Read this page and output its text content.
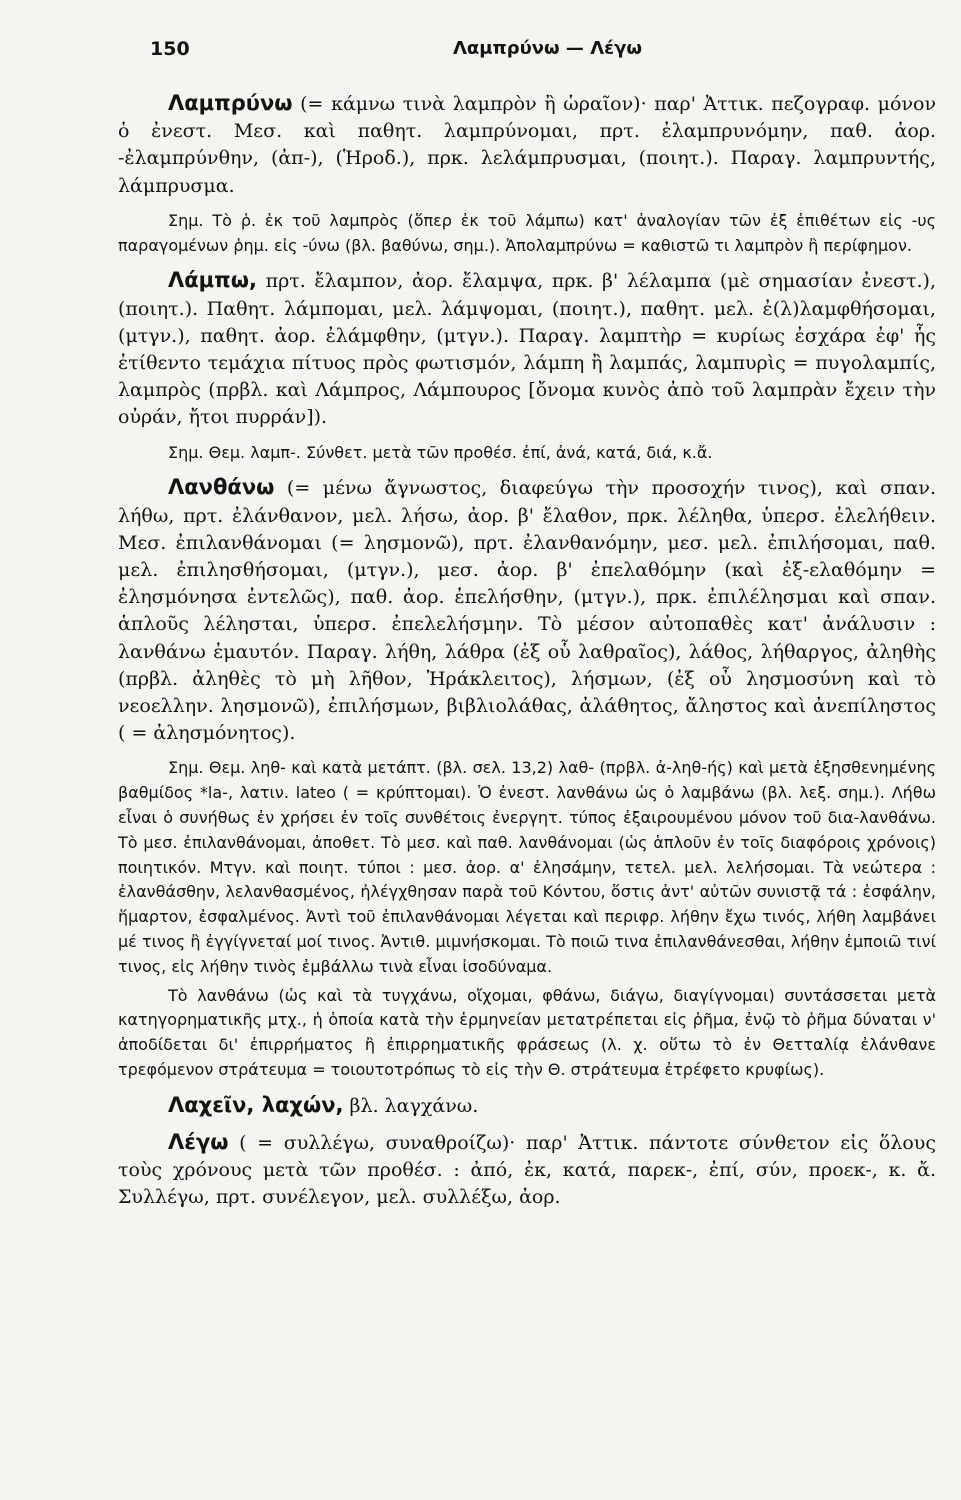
150	Λαμπρύνω — Λέγω

Λαμπρύνω (= κάμνω τινὰ λαμπρὸν ἢ ὡραῖον)· παρ' Ἀττικ. πεζογραφ. μόνον ὁ ἐνεστ. Μεσ. καὶ παθητ. λαμπρύνομαι, πρτ. ἐλαμπρυνόμην, παθ. ἀορ. -ἐλαμπρύνθην, (ἀπ-), (Ἡροδ.), πρκ. λελάμπρυσμαι, (ποιητ.). Παραγ. λαμπρυντής, λάμπρυσμα.

Σημ. Τὸ ῥ. ἐκ τοῦ λαμπρὸς (ὅπερ ἐκ τοῦ λάμπω) κατ' ἀναλογίαν τῶν ἐξ ἐπιθέτων εἰς -υς παραγομένων ῥημ. εἰς -ύνω (βλ. βαθύνω, σημ.). Ἀπολαμπρύνω = καθιστῶ τι λαμπρὸν ἢ περίφημον.

Λάμπω, πρτ. ἔλαμπον, ἀορ. ἔλαμψα, πρκ. β' λέλαμπα (μὲ σημασίαν ἐνεστ.), (ποιητ.). Παθητ. λάμπομαι, μελ. λάμψομαι, (ποιητ.), παθητ. μελ. ἐ(λ)λαμφθήσομαι, (μτγν.), παθητ. ἀορ. ἐλάμφθην, (μτγν.). Παραγ. λαμπτὴρ = κυρίως ἐσχάρα ἐφ' ἧς ἐτίθεντο τεμάχια πίτυος πρὸς φωτισμόν, λάμπη ἢ λαμπάς, λαμπυρὶς = πυγολαμπίς, λαμπρὸς (πρβλ. καὶ Λάμπρος, Λάμπουρος [ὄνομα κυνὸς ἀπὸ τοῦ λαμπρὰν ἔχειν τὴν οὐράν, ἤτοι πυρράν]).

Σημ. Θεμ. λαμπ-. Σύνθετ. μετὰ τῶν προθέσ. ἐπί, ἀνά, κατά, διά, κ.ἄ.

Λανθάνω (= μένω ἄγνωστος, διαφεύγω τὴν προσοχήν τινος), καὶ σπαν. λήθω, πρτ. ἐλάνθανον, μελ. λήσω, ἀορ. β' ἔλαθον, πρκ. λέληθα, ὑπερσ. ἐλελήθειν. Μεσ. ἐπιλανθάνομαι (= λησμονῶ), πρτ. ἐλανθανόμην, μεσ. μελ. ἐπιλήσομαι, παθ. μελ. ἐπιλησθήσομαι, (μτγν.), μεσ. ἀορ. β' ἐπελαθόμην (καὶ ἐξ-ελαθόμην = ἐλησμόνησα ἐντελῶς), παθ. ἀορ. ἐπελήσθην, (μτγν.), πρκ. ἐπιλέλησμαι καὶ σπαν. ἁπλοῦς λέλησται, ὑπερσ. ἐπελελήσμην. Τὸ μέσον αὐτοπαθὲς κατ' ἀνάλυσιν : λανθάνω ἐμαυτόν. Παραγ. λήθη, λάθρα (ἐξ οὗ λαθραῖος), λάθος, λήθαργος, ἀληθὴς (πρβλ. ἀληθὲς τὸ μὴ λῆθον, Ἡράκλειτος), λήσμων, (ἐξ οὗ λησμοσύνη καὶ τὸ νεοελλην. λησμονῶ), ἐπιλήσμων, βιβλιολάθας, ἀλάθητος, ἄληστος καὶ ἀνεπίληστος ( = ἀλησμόνητος).

Σημ. Θεμ. ληθ- καὶ κατὰ μετάπτ. (βλ. σελ. 13,2) λαθ- (πρβλ. ἀ-ληθ-ής) καὶ μετὰ ἐξησθενημένης βαθμίδος *la-, λατιν. lateo ( = κρύπτομαι). Ὁ ἐνεστ. λανθάνω ὡς ὁ λαμβάνω (βλ. λεξ. σημ.). Λήθω εἶναι ὁ συνήθως ἐν χρήσει ἐν τοῖς συνθέτοις ἐνεργητ. τύπος ἐξαιρουμένου μόνον τοῦ δια-λανθάνω. Τὸ μεσ. ἐπιλανθάνομαι, ἀποθετ. Τὸ μεσ. καὶ παθ. λανθάνομαι (ὡς ἁπλοῦν ἐν τοῖς διαφόροις χρόνοις) ποιητικόν. Μτγν. καὶ ποιητ. τύποι : μεσ. ἀορ. α' ἐλησάμην, τετελ. μελ. λελήσομαι. Τὰ νεώτερα : ἐλανθάσθην, λελανθασμένος, ἠλέγχθησαν παρὰ τοῦ Κόντου, ὅστις ἀντ' αὐτῶν συνιστᾷ τά : ἐσφάλην, ἥμαρτον, ἐσφαλμένος. Ἀντὶ τοῦ ἐπιλανθάνομαι λέγεται καὶ περιφρ. λήθην ἔχω τινός, λήθη λαμβάνει μέ τινος ἢ ἐγγίγνεταί μοί τινος. Ἀντιθ. μιμνήσκομαι. Τὸ ποιῶ τινα ἐπιλανθάνεσθαι, λήθην ἐμποιῶ τινί τινος, εἰς λήθην τινὸς ἐμβάλλω τινὰ εἶναι ἰσοδύναμα.

Τὸ λανθάνω (ὡς καὶ τὰ τυγχάνω, οἴχομαι, φθάνω, διάγω, διαγίγνομαι) συντάσσεται μετὰ κατηγορηματικῆς μτχ., ἡ ὁποία κατὰ τὴν ἑρμηνείαν μετατρέπεται εἰς ῥῆμα, ἐνῷ τὸ ῥῆμα δύναται ν' ἀποδίδεται δι' ἐπιρρήματος ἢ ἐπιρρηματικῆς φράσεως (λ. χ. οὕτω τὸ ἐν Θετταλίᾳ ἐλάνθανε τρεφόμενον στράτευμα = τοιουτοτρόπως τὸ εἰς τὴν Θ. στράτευμα ἐτρέφετο κρυφίως).

Λαχεῖν, λαχών, βλ. λαγχάνω.

Λέγω ( = συλλέγω, συναθροίζω)· παρ' Ἀττικ. πάντοτε σύνθετον εἰς ὅλους τοὺς χρόνους μετὰ τῶν προθέσ. : ἀπό, ἐκ, κατά, παρεκ-, ἐπί, σύν, προεκ-, κ. ἄ. Συλλέγω, πρτ. συνέλεγον, μελ. συλλέξω, ἀορ.
